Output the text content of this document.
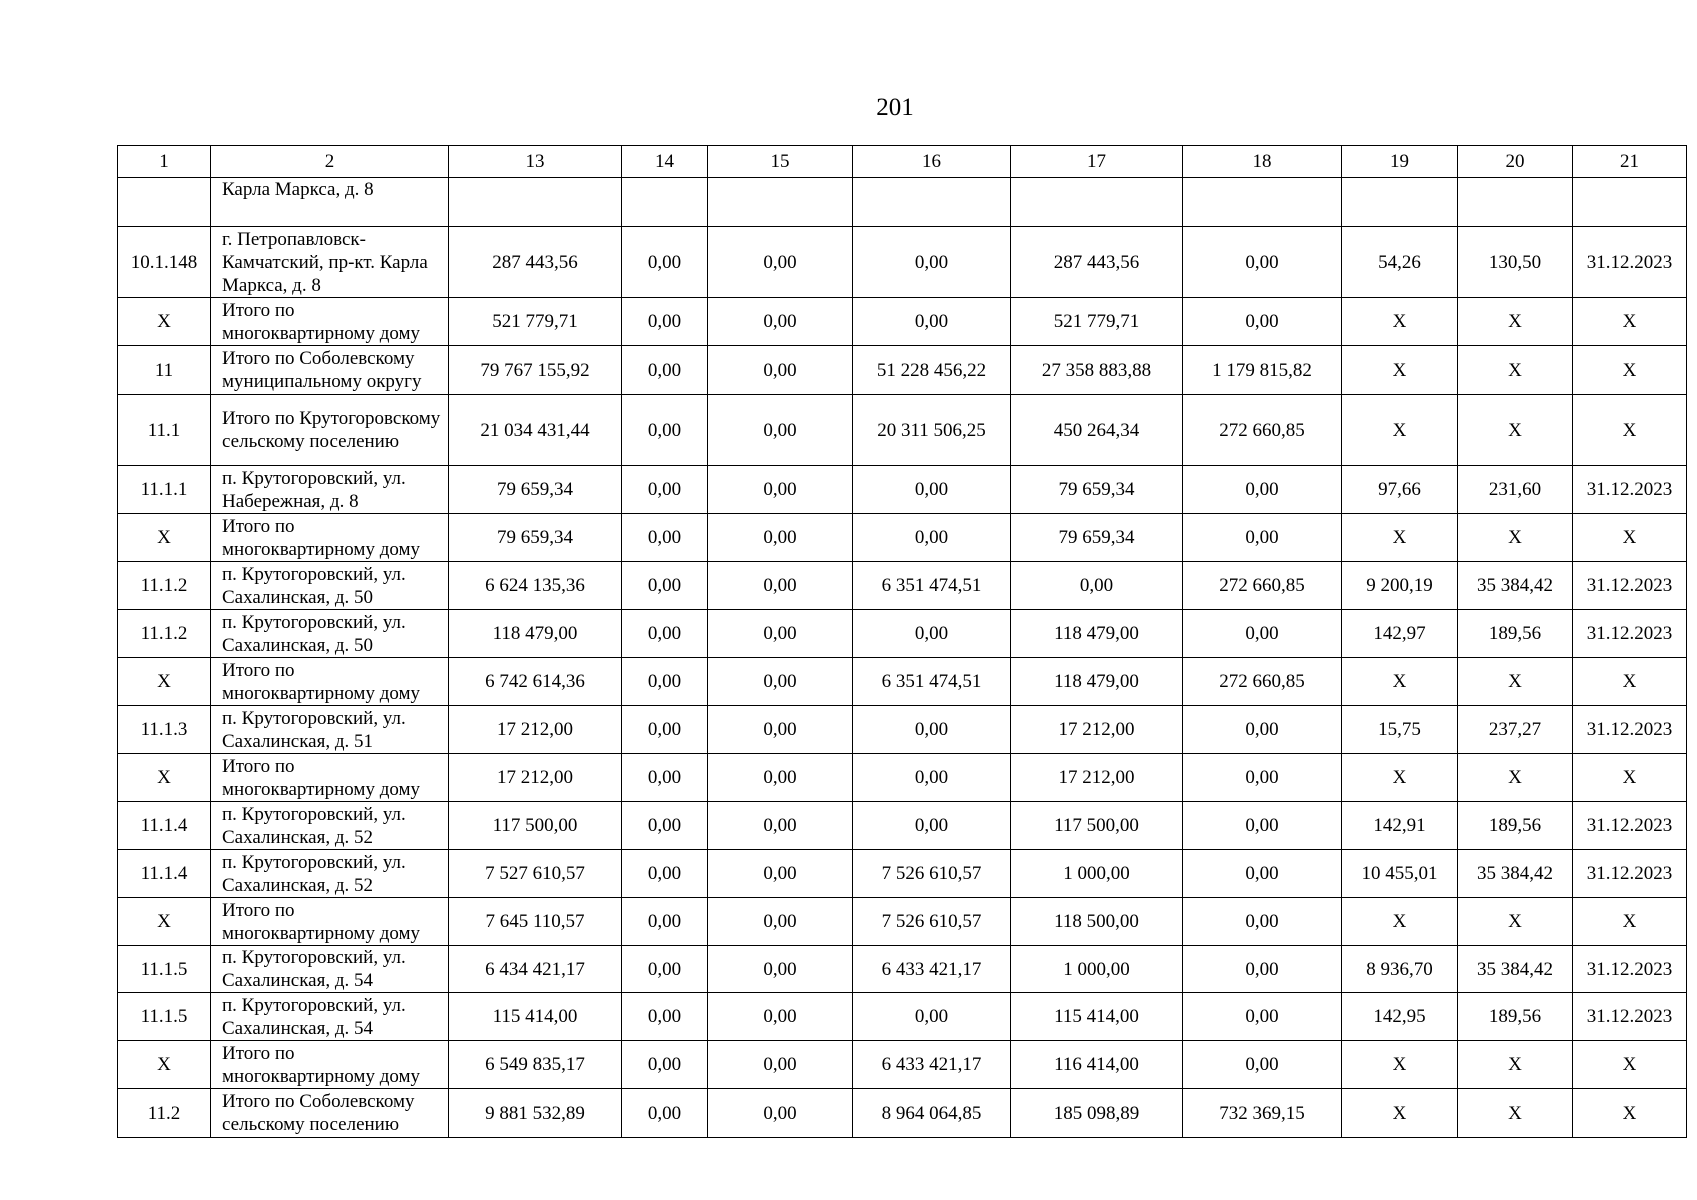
201
1	2	13	14	15	16	17	18	19	20	21
	Карла Маркса, д. 8									
10.1.148	г. Петропавловск-Камчатский, пр-кт. Карла Маркса, д. 8	287 443,56	0,00	0,00	0,00	287 443,56	0,00	54,26	130,50	31.12.2023
X	Итого по многоквартирному дому	521 779,71	0,00	0,00	0,00	521 779,71	0,00	X	X	X
11	Итого по Соболевскому муниципальному округу	79 767 155,92	0,00	0,00	51 228 456,22	27 358 883,88	1 179 815,82	X	X	X
11.1	Итого по Крутогоровскому сельскому поселению	21 034 431,44	0,00	0,00	20 311 506,25	450 264,34	272 660,85	X	X	X
11.1.1	п. Крутогоровский, ул. Набережная, д. 8	79 659,34	0,00	0,00	0,00	79 659,34	0,00	97,66	231,60	31.12.2023
X	Итого по многоквартирному дому	79 659,34	0,00	0,00	0,00	79 659,34	0,00	X	X	X
11.1.2	п. Крутогоровский, ул. Сахалинская, д. 50	6 624 135,36	0,00	0,00	6 351 474,51	0,00	272 660,85	9 200,19	35 384,42	31.12.2023
11.1.2	п. Крутогоровский, ул. Сахалинская, д. 50	118 479,00	0,00	0,00	0,00	118 479,00	0,00	142,97	189,56	31.12.2023
X	Итого по многоквартирному дому	6 742 614,36	0,00	0,00	6 351 474,51	118 479,00	272 660,85	X	X	X
11.1.3	п. Крутогоровский, ул. Сахалинская, д. 51	17 212,00	0,00	0,00	0,00	17 212,00	0,00	15,75	237,27	31.12.2023
X	Итого по многоквартирному дому	17 212,00	0,00	0,00	0,00	17 212,00	0,00	X	X	X
11.1.4	п. Крутогоровский, ул. Сахалинская, д. 52	117 500,00	0,00	0,00	0,00	117 500,00	0,00	142,91	189,56	31.12.2023
11.1.4	п. Крутогоровский, ул. Сахалинская, д. 52	7 527 610,57	0,00	0,00	7 526 610,57	1 000,00	0,00	10 455,01	35 384,42	31.12.2023
X	Итого по многоквартирному дому	7 645 110,57	0,00	0,00	7 526 610,57	118 500,00	0,00	X	X	X
11.1.5	п. Крутогоровский, ул. Сахалинская, д. 54	6 434 421,17	0,00	0,00	6 433 421,17	1 000,00	0,00	8 936,70	35 384,42	31.12.2023
11.1.5	п. Крутогоровский, ул. Сахалинская, д. 54	115 414,00	0,00	0,00	0,00	115 414,00	0,00	142,95	189,56	31.12.2023
X	Итого по многоквартирному дому	6 549 835,17	0,00	0,00	6 433 421,17	116 414,00	0,00	X	X	X
11.2	Итого по Соболевскому сельскому поселению	9 881 532,89	0,00	0,00	8 964 064,85	185 098,89	732 369,15	X	X	X
